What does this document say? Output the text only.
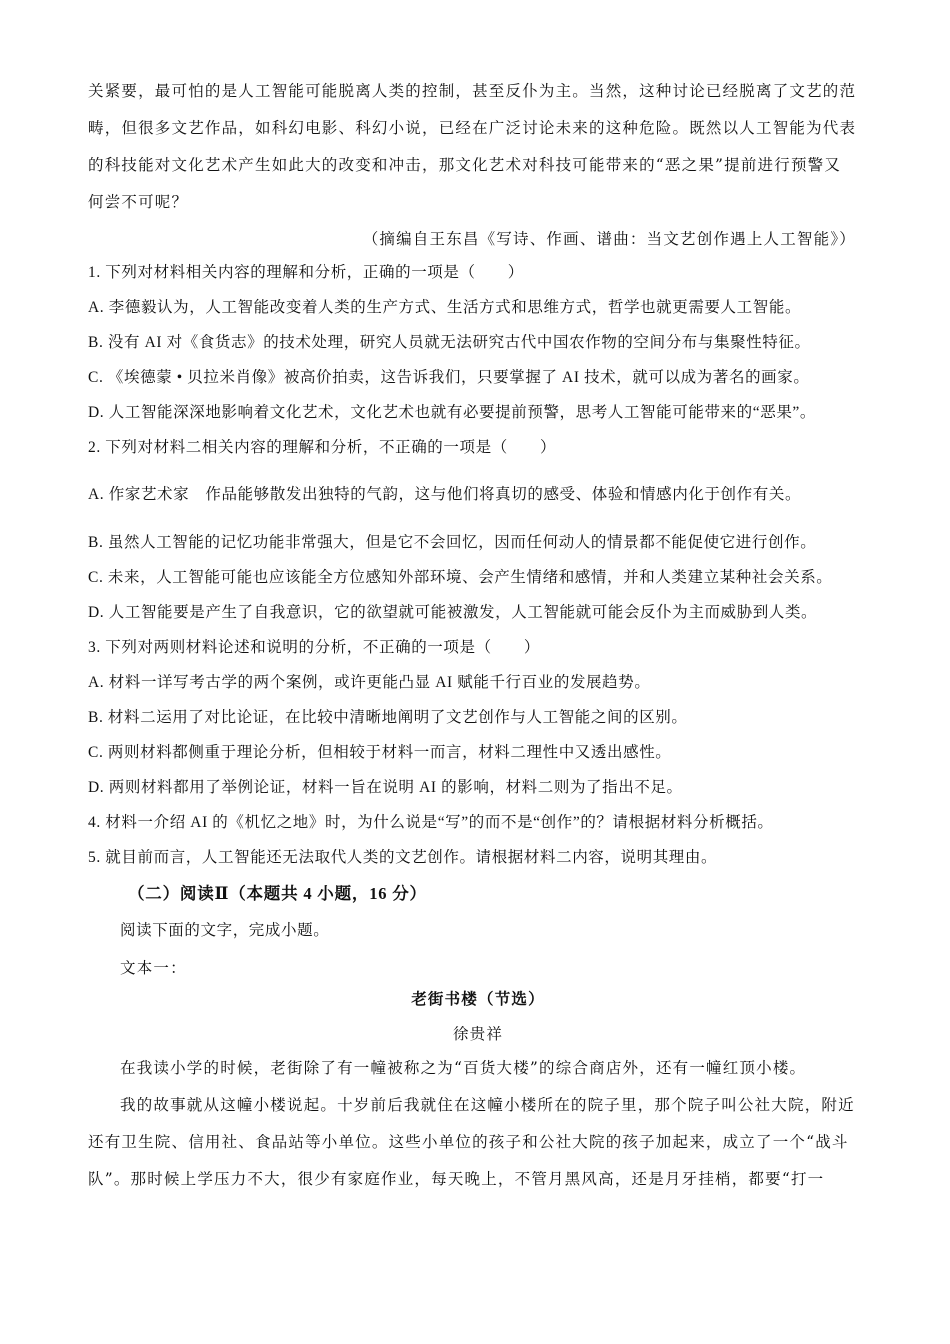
关紧要，最可怕的是人工智能可能脱离人类的控制，甚至反仆为主。当然，这种讨论已经脱离了文艺的范
畴，但很多文艺作品，如科幻电影、科幻小说，已经在广泛讨论未来的这种危险。既然以人工智能为代表
的科技能对文化艺术产生如此大的改变和冲击，那文化艺术对科技可能带来的“恶之果”提前进行预警又
何尝不可呢？
（摘编自王东昌《写诗、作画、谱曲：当文艺创作遇上人工智能》）
1. 下列对材料相关内容的理解和分析，正确的一项是（　　）
A. 李德毅认为，人工智能改变着人类的生产方式、生活方式和思维方式，哲学也就更需要人工智能。
B. 没有 AI 对《食货志》的技术处理，研究人员就无法研究古代中国农作物的空间分布与集聚性特征。
C. 《埃德蒙 • 贝拉米肖像》被高价拍卖，这告诉我们，只要掌握了 AI 技术，就可以成为著名的画家。
D. 人工智能深深地影响着文化艺术，文化艺术也就有必要提前预警，思考人工智能可能带来的“恶果”。
2. 下列对材料二相关内容的理解和分析，不正确的一项是（　　）
A. 作家艺术家　作品能够散发出独特的气韵，这与他们将真切的感受、体验和情感内化于创作有关。
B. 虽然人工智能的记忆功能非常强大，但是它不会回忆，因而任何动人的情景都不能促使它进行创作。
C. 未来，人工智能可能也应该能全方位感知外部环境、会产生情绪和感情，并和人类建立某种社会关系。
D. 人工智能要是产生了自我意识，它的欲望就可能被激发，人工智能就可能会反仆为主而威胁到人类。
3. 下列对两则材料论述和说明的分析，不正确的一项是（　　）
A. 材料一详写考古学的两个案例，或许更能凸显 AI 赋能千行百业的发展趋势。
B. 材料二运用了对比论证，在比较中清晰地阐明了文艺创作与人工智能之间的区别。
C. 两则材料都侧重于理论分析，但相较于材料一而言，材料二理性中又透出感性。
D. 两则材料都用了举例论证，材料一旨在说明 AI 的影响，材料二则为了指出不足。
4. 材料一介绍 AI 的《机忆之地》时，为什么说是“写”的而不是“创作”的？请根据材料分析概括。
5. 就目前而言，人工智能还无法取代人类的文艺创作。请根据材料二内容，说明其理由。
（二）阅读Ⅱ（本题共 4 小题，16 分）
阅读下面的文字，完成小题。
文本一：
老街书楼（节选）
徐贵祥
在我读小学的时候，老街除了有一幢被称之为“百货大楼”的综合商店外，还有一幢红顶小楼。
我的故事就从这幢小楼说起。十岁前后我就住在这幢小楼所在的院子里，那个院子叫公社大院，附近
还有卫生院、信用社、食品站等小单位。这些小单位的孩子和公社大院的孩子加起来，成立了一个“战斗
队”。那时候上学压力不大，很少有家庭作业，每天晚上，不管月黑风高，还是月牙挂梢，都要“打一
